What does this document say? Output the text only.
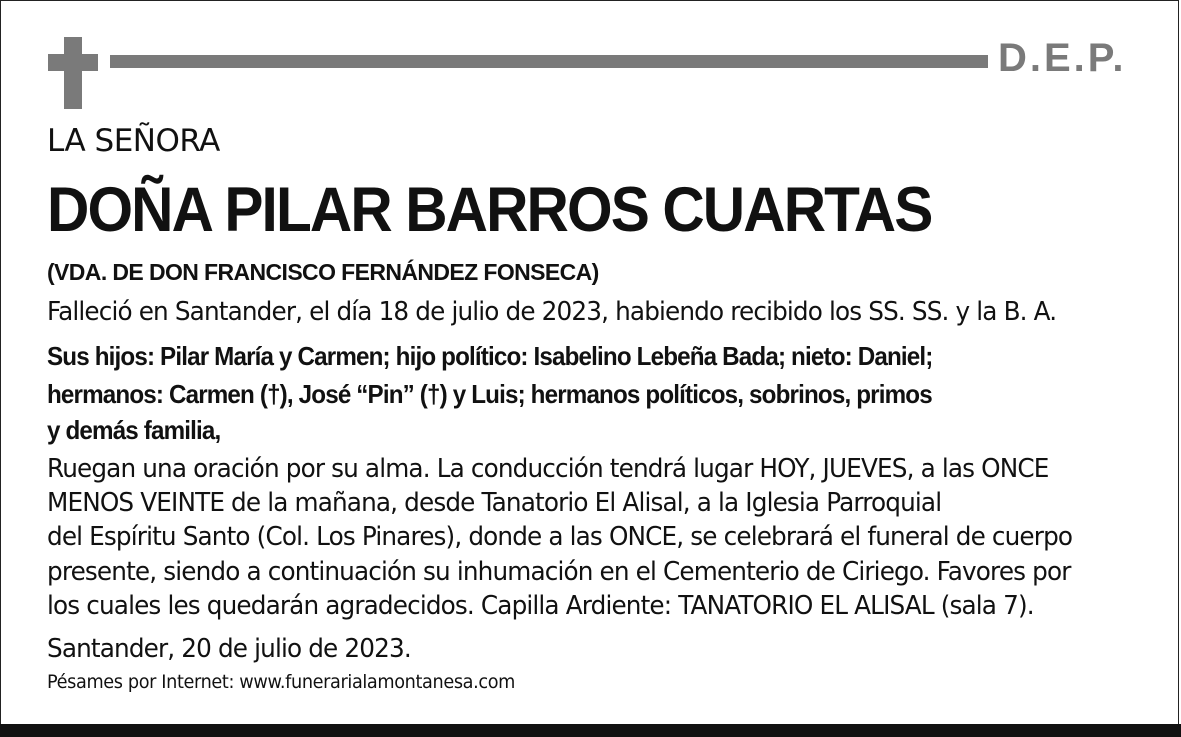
D.E.P.
LA SEÑORA
DOÑA PILAR BARROS CUARTAS
(VDA. DE DON FRANCISCO FERNÁNDEZ FONSECA)
Falleció en Santander, el día 18 de julio de 2023, habiendo recibido los SS. SS. y la B. A.
Sus hijos: Pilar María y Carmen; hijo político: Isabelino Lebeña Bada; nieto: Daniel;
hermanos: Carmen (†), José “Pin” (†) y Luis; hermanos políticos, sobrinos, primos
y demás familia,
Ruegan una oración por su alma. La conducción tendrá lugar HOY, JUEVES, a las ONCE
MENOS VEINTE de la mañana, desde Tanatorio El Alisal, a la Iglesia Parroquial
del Espíritu Santo (Col. Los Pinares), donde a las ONCE, se celebrará el funeral de cuerpo
presente, siendo a continuación su inhumación en el Cementerio de Ciriego. Favores por
los cuales les quedarán agradecidos. Capilla Ardiente: TANATORIO EL ALISAL (sala 7).
Santander, 20 de julio de 2023.
Pésames por Internet: www.funerarialamontanesa.com
